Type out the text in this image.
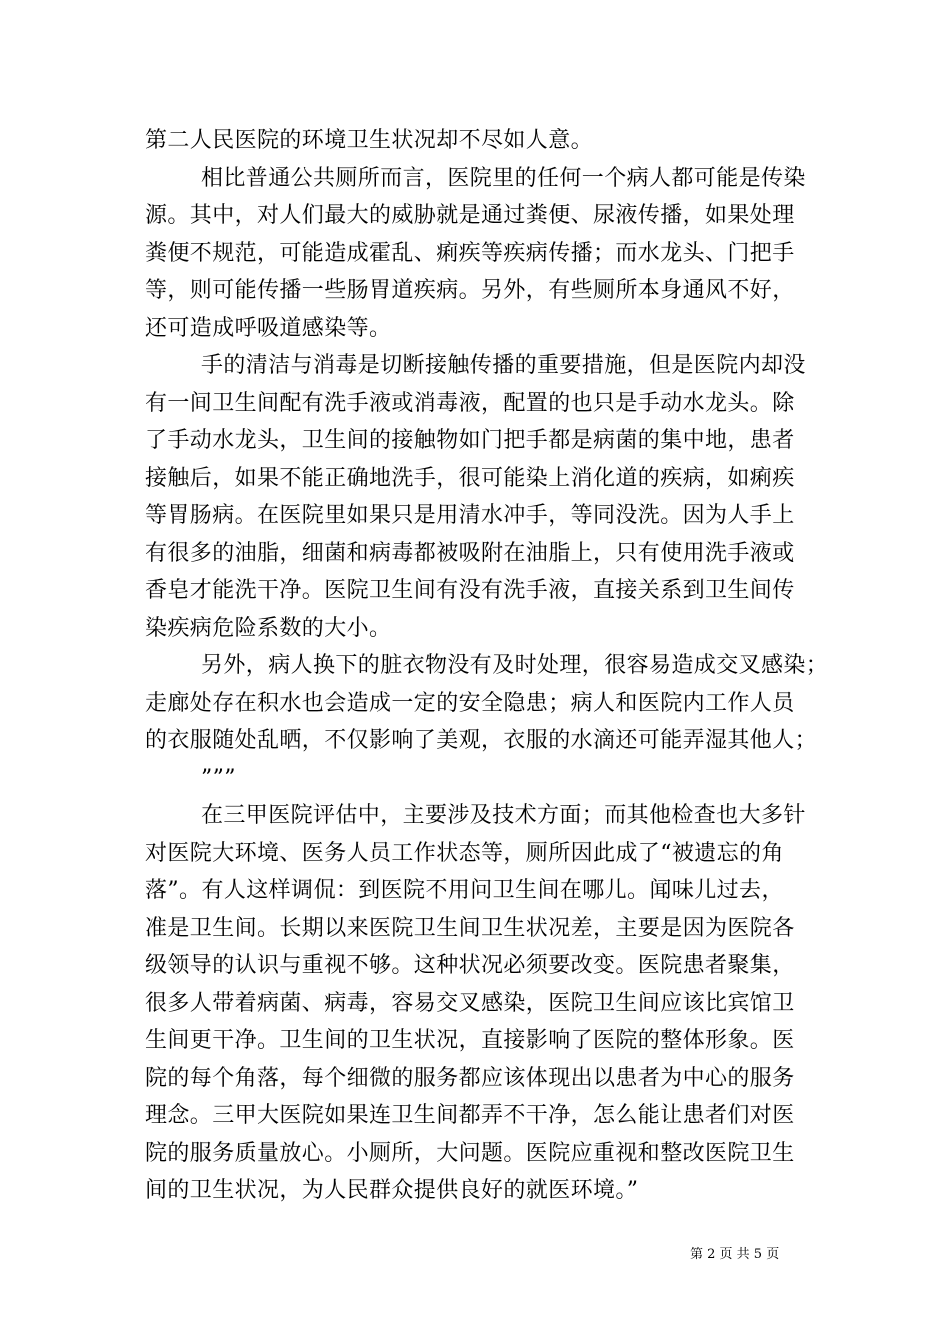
第二人民医院的环境卫生状况却不尽如人意。
相比普通公共厕所而言，医院里的任何一个病人都可能是传染
源。其中，对人们最大的威胁就是通过粪便、尿液传播，如果处理
粪便不规范，可能造成霍乱、痢疾等疾病传播；而水龙头、门把手
等，则可能传播一些肠胃道疾病。另外，有些厕所本身通风不好，
还可造成呼吸道感染等。
手的清洁与消毒是切断接触传播的重要措施，但是医院内却没
有一间卫生间配有洗手液或消毒液，配置的也只是手动水龙头。除
了手动水龙头，卫生间的接触物如门把手都是病菌的集中地，患者
接触后，如果不能正确地洗手，很可能染上消化道的疾病，如痢疾
等胃肠病。在医院里如果只是用清水冲手，等同没洗。因为人手上
有很多的油脂，细菌和病毒都被吸附在油脂上，只有使用洗手液或
香皂才能洗干净。医院卫生间有没有洗手液，直接关系到卫生间传
染疾病危险系数的大小。
另外，病人换下的脏衣物没有及时处理，很容易造成交叉感染；
走廊处存在积水也会造成一定的安全隐患；病人和医院内工作人员
的衣服随处乱晒，不仅影响了美观，衣服的水滴还可能弄湿其他人；
”””
在三甲医院评估中，主要涉及技术方面；而其他检查也大多针
对医院大环境、医务人员工作状态等，厕所因此成了“被遗忘的角
落”。有人这样调侃：到医院不用问卫生间在哪儿。闻味儿过去，
准是卫生间。长期以来医院卫生间卫生状况差，主要是因为医院各
级领导的认识与重视不够。这种状况必须要改变。医院患者聚集，
很多人带着病菌、病毒，容易交叉感染，医院卫生间应该比宾馆卫
生间更干净。卫生间的卫生状况，直接影响了医院的整体形象。医
院的每个角落，每个细微的服务都应该体现出以患者为中心的服务
理念。三甲大医院如果连卫生间都弄不干净，怎么能让患者们对医
院的服务质量放心。小厕所，大问题。医院应重视和整改医院卫生
间的卫生状况，为人民群众提供良好的就医环境。”
第 2 页 共 5 页
